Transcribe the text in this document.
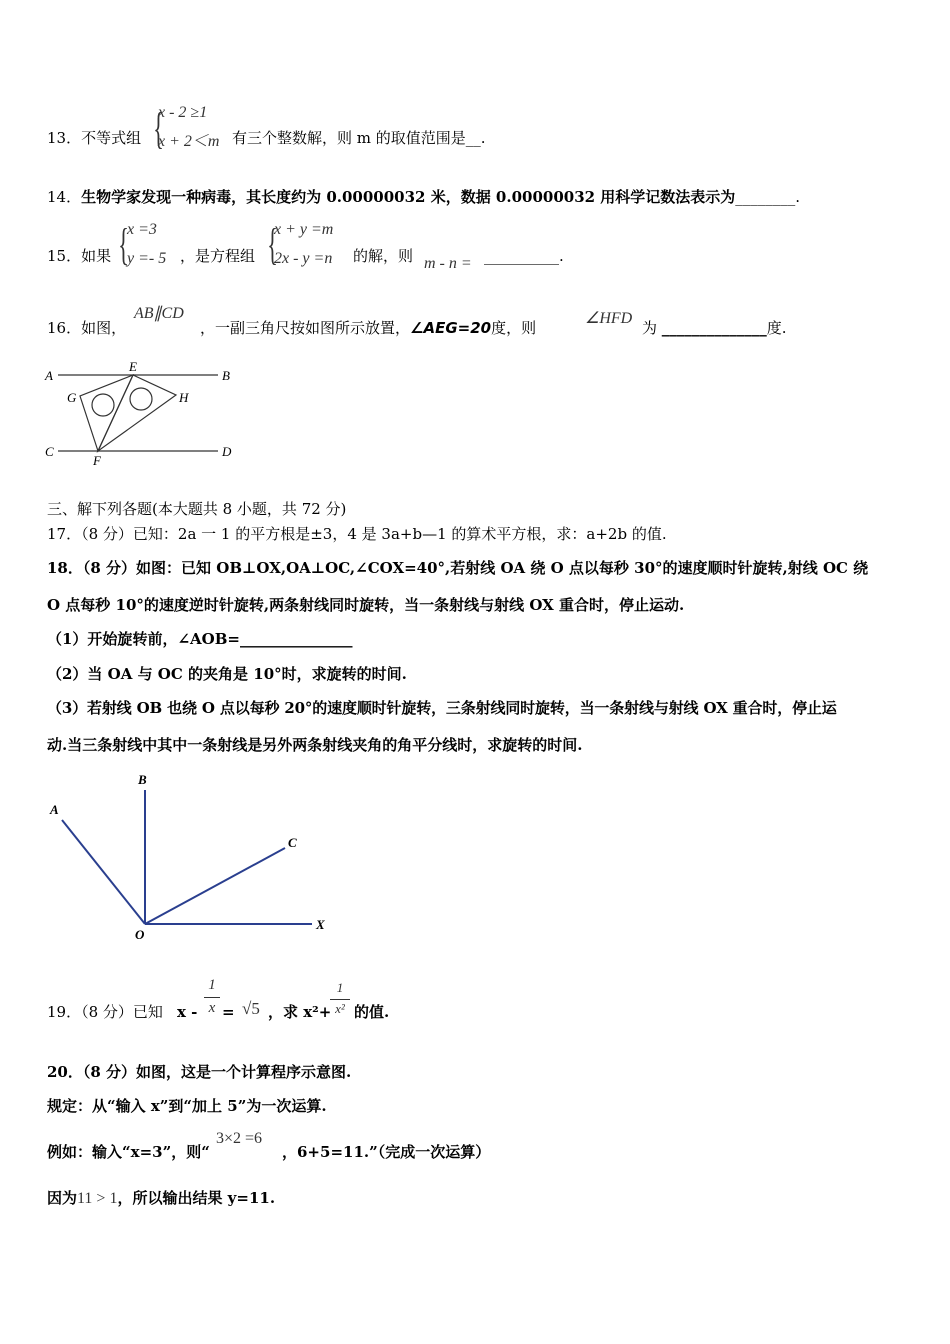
13．不等式组 {
x - 2 ≥1
x + 2＜m 有三个整数解，则 m 的取值范围是__.
14．生物学家发现一种病毒，其长度约为 0.00000032 米，数据 0.00000032 用科学记数法表示为________.
15．如果 {
x =3
y =- 5 ，是方程组 {
x + y =m
2x - y =n 的解，则 m - n = __________.
16．如图，
AB∥CD
，一副三角尺按如图所示放置，∠AEG=20度，则
∠HFD
为 ______________度.
A	B
C	D
E
F
G	H
三、解下列各题(本大题共 8 小题，共 72 分)
17．（8 分）已知：2a 一 1 的平方根是±3，4 是 3a+b—1 的算术平方根，求：a+2b 的值.
18．（8 分）如图：已知 OB⊥OX,OA⊥OC,∠COX=40°,若射线 OA 绕 O 点以每秒 30°的速度顺时针旋转,射线 OC 绕
O 点每秒 10°的速度逆时针旋转,两条射线同时旋转，当一条射线与射线 OX 重合时，停止运动.
（1）开始旋转前，∠AOB=_______________
（2）当 OA 与 OC 的夹角是 10°时，求旋转的时间.
（3）若射线 OB 也绕 O 点以每秒 20°的速度顺时针旋转，三条射线同时旋转，当一条射线与射线 OX 重合时，停止运
动.当三条射线中其中一条射线是另外两条射线夹角的角平分线时，求旋转的时间.
B
A
C
O
X
19．（8 分）已知 $x - \frac{1}{x} = √5$ ，求 x²+
$\frac{1}{\text{x²}}$ 的值.
20．（8 分）如图，这是一个计算程序示意图.
规定：从“输入 x”到“加上 5”为一次运算.
例如：输入“x=3”，则“
3×2 =6
，6+5=11.”（完成一次运算）
因为11 > 1，所以输出结果 y=11.
